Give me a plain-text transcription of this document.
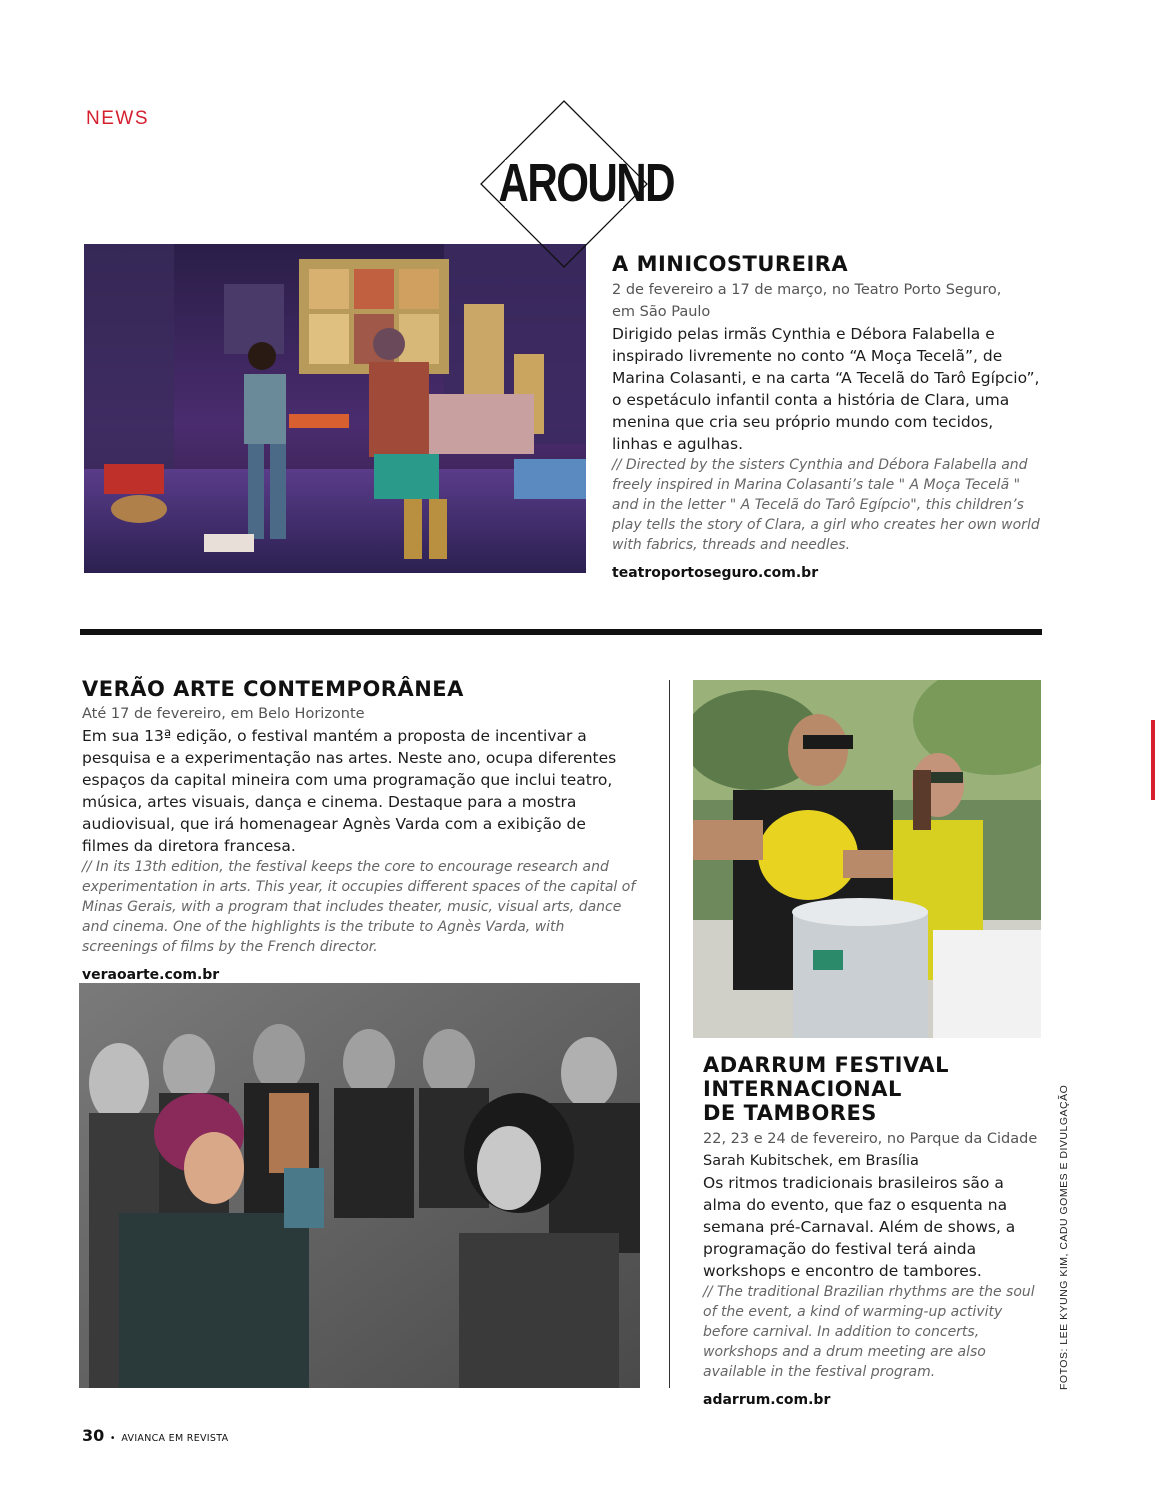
NEWS
AROUND
A MINICOSTUREIRA
2 de fevereiro a 17 de março, no Teatro Porto Seguro,
em São Paulo
Dirigido pelas irmãs Cynthia e Débora Falabella e inspirado livremente no conto “A Moça Tecelã”, de Marina Colasanti, e na carta “A Tecelã do Tarô Egípcio”, o espetáculo infantil conta a história de Clara, uma menina que cria seu próprio mundo com tecidos, linhas e agulhas.
// Directed by the sisters Cynthia and Débora Falabella and freely inspired in Marina Colasanti’s tale " A Moça Tecelã " and in the letter " A Tecelã do Tarô Egípcio", this children’s play tells the story of Clara, a girl who creates her own world with fabrics, threads and needles.
teatroportoseguro.com.br
VERÃO ARTE CONTEMPORÂNEA
Até 17 de fevereiro, em Belo Horizonte
Em sua 13ª edição, o festival mantém a proposta de incentivar a pesquisa e a experimentação nas artes. Neste ano, ocupa diferentes espaços da capital mineira com uma programação que inclui teatro, música, artes visuais, dança e cinema. Destaque para a mostra audiovisual, que irá homenagear Agnès Varda com a exibição de filmes da diretora francesa.
// In its 13th edition, the festival keeps the core to encourage research and experimentation in arts. This year, it occupies different spaces of the capital of Minas Gerais, with a program that includes theater, music, visual arts, dance and cinema. One of the highlights is the tribute to Agnès Varda, with screenings of films by the French director.
veraoarte.com.br
ADARRUM FESTIVAL
INTERNACIONAL
DE TAMBORES
22, 23 e 24 de fevereiro, no Parque da Cidade
Sarah Kubitschek, em Brasília
Os ritmos tradicionais brasileiros são a alma do evento, que faz o esquenta na semana pré-Carnaval. Além de shows, a programação do festival terá ainda workshops e encontro de tambores.
// The traditional Brazilian rhythms are the soul of the event, a kind of warming-up activity before carnival. In addition to concerts, workshops and a drum meeting are also available in the festival program.
adarrum.com.br
FOTOS: LEE KYUNG KIM, CADU GOMES E DIVULGAÇÃO
30 • AVIANCA EM REVISTA
